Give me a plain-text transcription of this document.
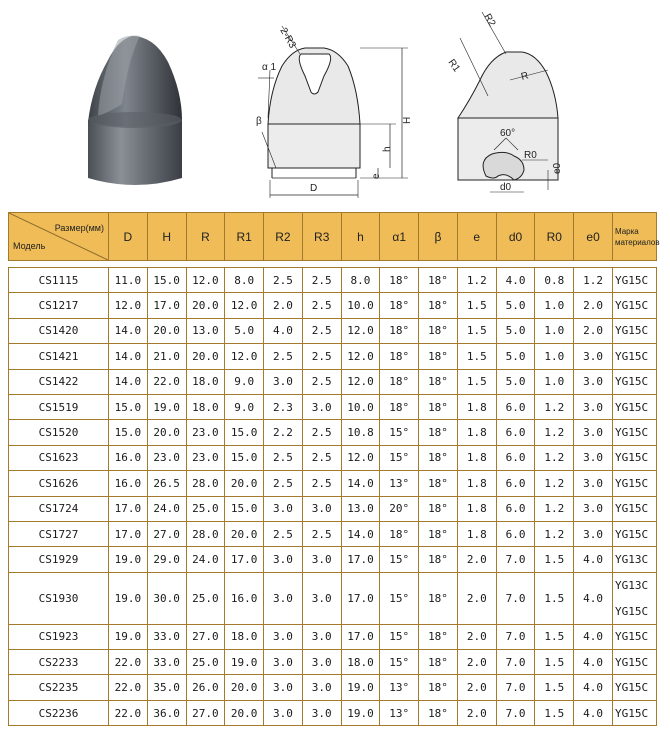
2-R3
α 1
β
D
H
h
e
R2
R1
R
60°
R0
d0
e0
Размер(мм)
Модель	D	H	R	R1	R2	R3	h	α1	β	e	d0	R0	e0	Марка
материалов

CS1115	11.0	15.0	12.0	8.0	2.5	2.5	8.0	18°	18°	1.2	4.0	0.8	1.2	YG15C
CS1217	12.0	17.0	20.0	12.0	2.0	2.5	10.0	18°	18°	1.5	5.0	1.0	2.0	YG15C
CS1420	14.0	20.0	13.0	5.0	4.0	2.5	12.0	18°	18°	1.5	5.0	1.0	2.0	YG15C
CS1421	14.0	21.0	20.0	12.0	2.5	2.5	12.0	18°	18°	1.5	5.0	1.0	3.0	YG15C
CS1422	14.0	22.0	18.0	9.0	3.0	2.5	12.0	18°	18°	1.5	5.0	1.0	3.0	YG15C
CS1519	15.0	19.0	18.0	9.0	2.3	3.0	10.0	18°	18°	1.8	6.0	1.2	3.0	YG15C
CS1520	15.0	20.0	23.0	15.0	2.2	2.5	10.8	15°	18°	1.8	6.0	1.2	3.0	YG15C
CS1623	16.0	23.0	23.0	15.0	2.5	2.5	12.0	15°	18°	1.8	6.0	1.2	3.0	YG15C
CS1626	16.0	26.5	28.0	20.0	2.5	2.5	14.0	13°	18°	1.8	6.0	1.2	3.0	YG15C
CS1724	17.0	24.0	25.0	15.0	3.0	3.0	13.0	20°	18°	1.8	6.0	1.2	3.0	YG15C
CS1727	17.0	27.0	28.0	20.0	2.5	2.5	14.0	18°	18°	1.8	6.0	1.2	3.0	YG15C
CS1929	19.0	29.0	24.0	17.0	3.0	3.0	17.0	15°	18°	2.0	7.0	1.5	4.0	YG13C
CS1930	19.0	30.0	25.0	16.0	3.0	3.0	17.0	15°	18°	2.0	7.0	1.5	4.0	YG13C

YG15C
CS1923	19.0	33.0	27.0	18.0	3.0	3.0	17.0	15°	18°	2.0	7.0	1.5	4.0	YG15C
CS2233	22.0	33.0	25.0	19.0	3.0	3.0	18.0	15°	18°	2.0	7.0	1.5	4.0	YG15C
CS2235	22.0	35.0	26.0	20.0	3.0	3.0	19.0	13°	18°	2.0	7.0	1.5	4.0	YG15C
CS2236	22.0	36.0	27.0	20.0	3.0	3.0	19.0	13°	18°	2.0	7.0	1.5	4.0	YG15C
